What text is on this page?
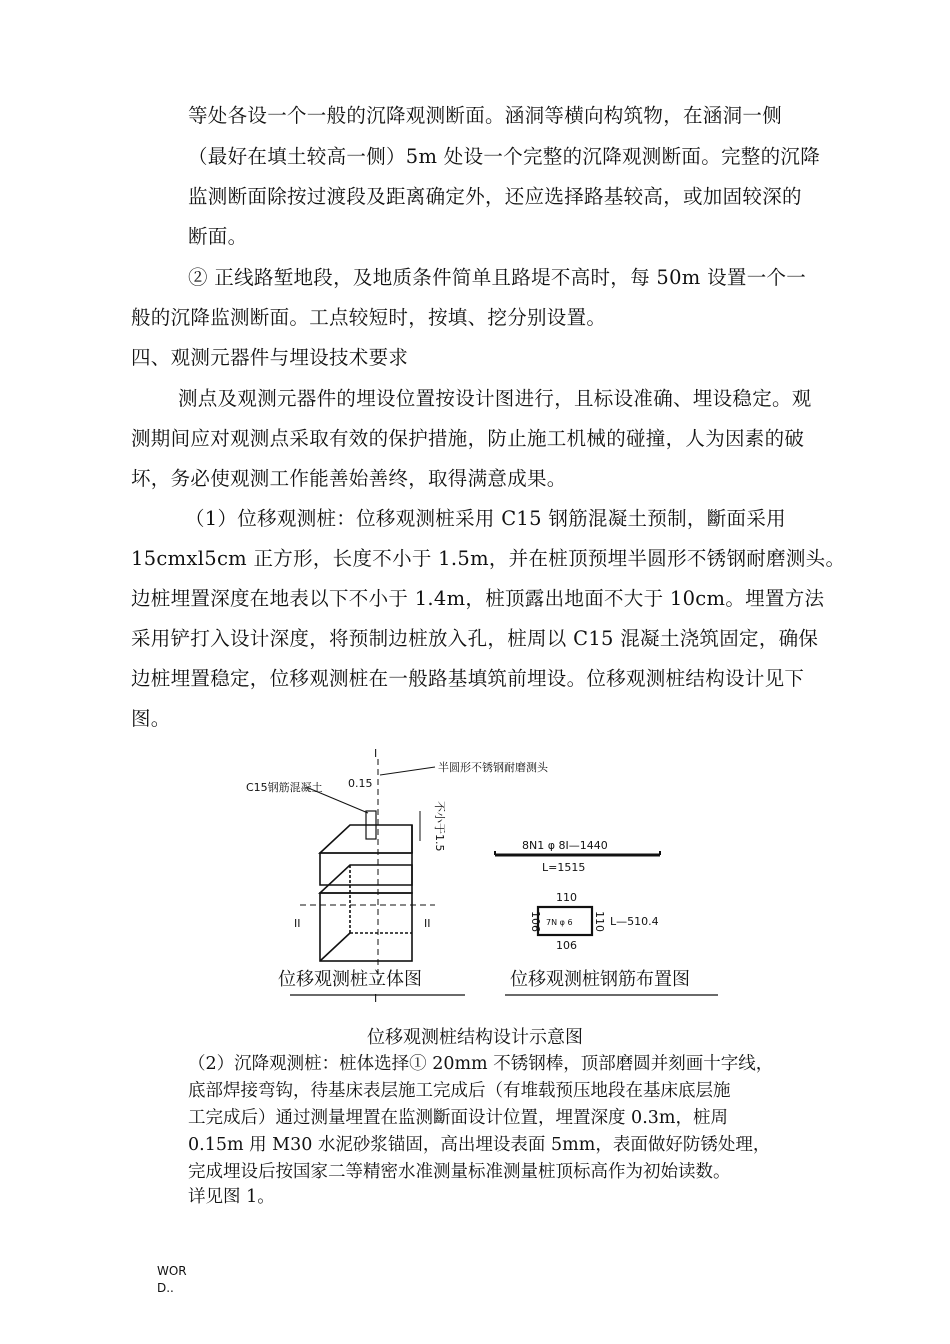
等处各设一个一般的沉降观测断面。涵洞等横向构筑物，在涵洞一侧
（最好在填土较高一侧）5m 处设一个完整的沉降观测断面。完整的沉降
监测断面除按过渡段及距离确定外，还应选择路基较高，或加固较深的
断面。
② 正线路堑地段，及地质条件简单且路堤不高时，每 50m 设置一个一
般的沉降监测断面。工点较短时，按填、挖分别设置。
四、观测元器件与埋设技术要求
测点及观测元器件的埋设位置按设计图进行，且标设准确、埋设稳定。观
测期间应对观测点采取有效的保护措施，防止施工机械的碰撞，人为因素的破
坏，务必使观测工作能善始善终，取得满意成果。
（1）位移观测桩：位移观测桩采用 C15 钢筋混凝土预制，斷面采用
15cmxl5cm 正方形，长度不小于 1.5m，并在桩顶预埋半圆形不锈钢耐磨测头。
边桩埋置深度在地表以下不小于 1.4m，桩顶露出地面不大于 10cm。埋置方法
采用铲打入设计深度，将预制边桩放入孔，桩周以 C15 混凝土浇筑固定，确保
边桩埋置稳定，位移观测桩在一般路基填筑前埋设。位移观测桩结构设计见下
图。
C15钢筋混凝土
半圆形不锈钢耐磨测头
0.15
I
I
II	II
不小于1.5
位移观测桩立体图
8N1 φ 8I—1440
L=1515
110
106	110
106
7N φ 6	L—510.4
位移观测桩钢筋布置图
位移观测桩结构设计示意图
（2）沉降观测桩：桩体选择① 20mm 不锈钢棒，顶部磨圆并刻画十字线，
底部焊接弯钩，待基床表层施工完成后（有堆载预压地段在基床底层施
工完成后）通过测量埋置在监测斷面设计位置，埋置深度 0.3m，桩周
0.15m 用 M30 水泥砂浆锚固，高出埋设表面 5mm，表面做好防锈处理，
完成埋设后按国家二等精密水准测量标准测量桩顶标高作为初始读数。
详见图 1。
WOR
D..
